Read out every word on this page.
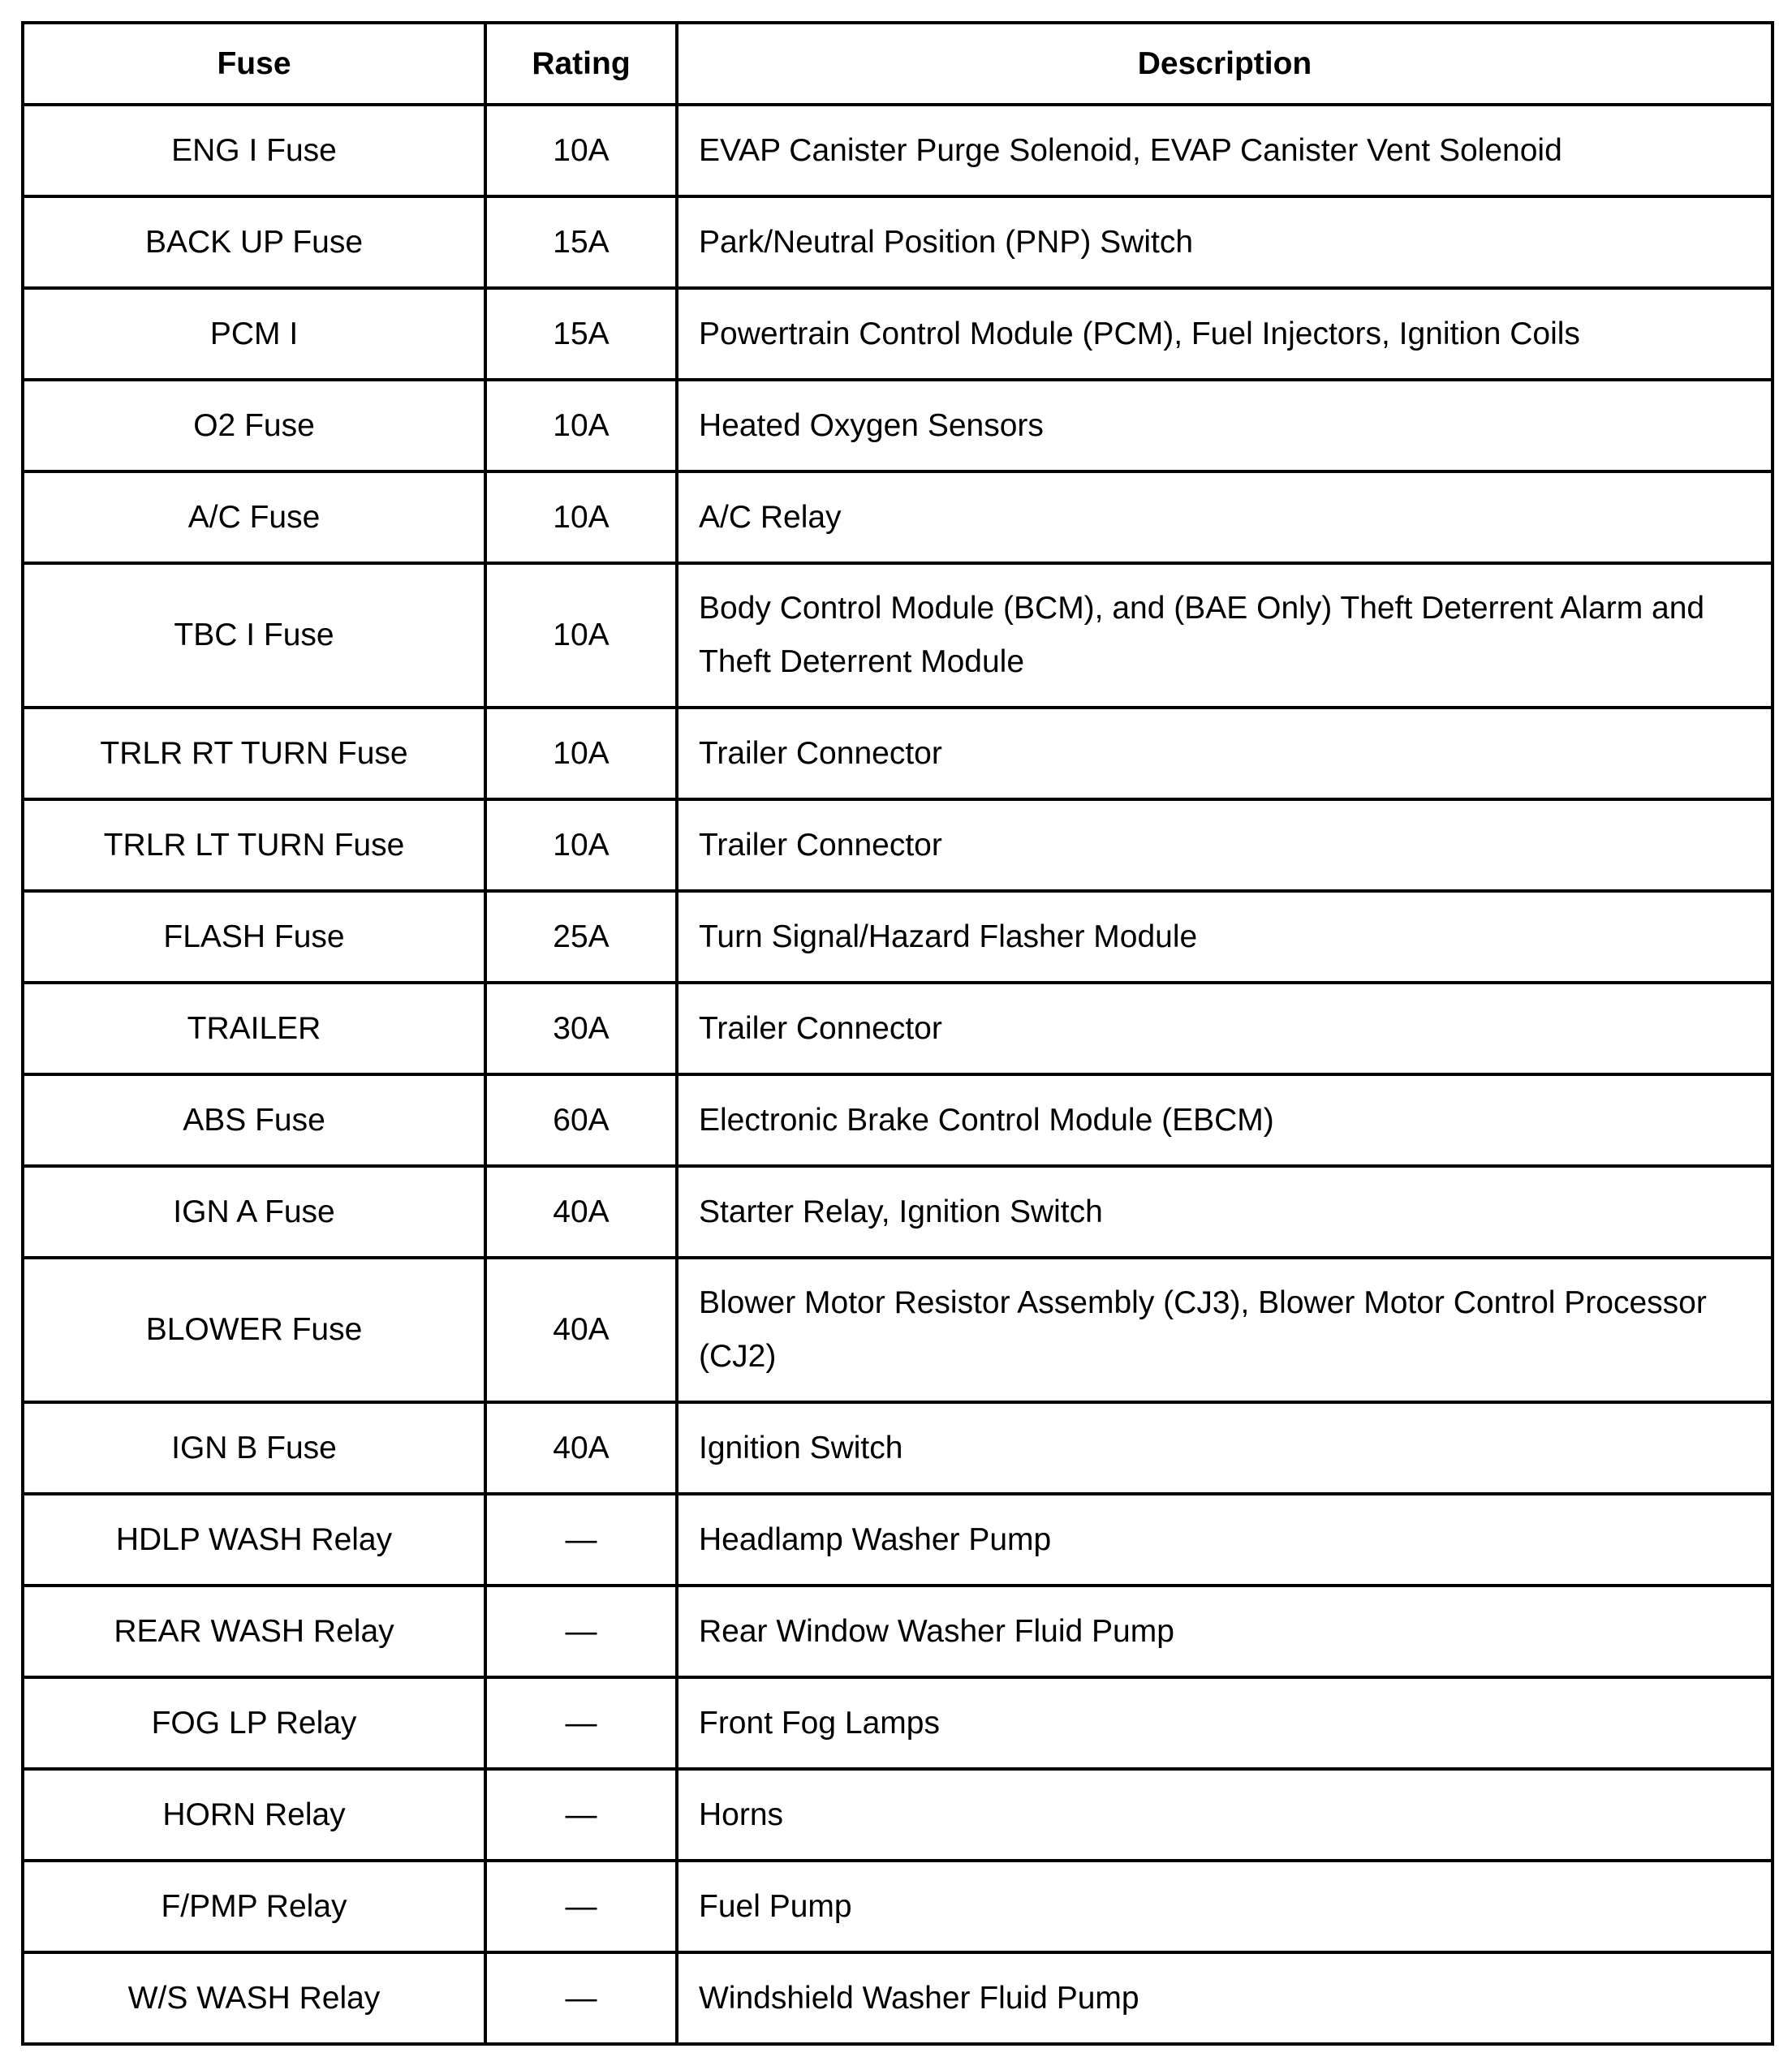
Fuse	Rating	Description
ENG I Fuse	10A	EVAP Canister Purge Solenoid, EVAP Canister Vent Solenoid
BACK UP Fuse	15A	Park/Neutral Position (PNP) Switch
PCM I	15A	Powertrain Control Module (PCM), Fuel Injectors, Ignition Coils
O2 Fuse	10A	Heated Oxygen Sensors
A/C Fuse	10A	A/C Relay
TBC I Fuse	10A	Body Control Module (BCM), and (BAE Only) Theft Deterrent Alarm and Theft Deterrent Module
TRLR RT TURN Fuse	10A	Trailer Connector
TRLR LT TURN Fuse	10A	Trailer Connector
FLASH Fuse	25A	Turn Signal/Hazard Flasher Module
TRAILER	30A	Trailer Connector
ABS Fuse	60A	Electronic Brake Control Module (EBCM)
IGN A Fuse	40A	Starter Relay, Ignition Switch
BLOWER Fuse	40A	Blower Motor Resistor Assembly (CJ3), Blower Motor Control Processor (CJ2)
IGN B Fuse	40A	Ignition Switch
HDLP WASH Relay	—	Headlamp Washer Pump
REAR WASH Relay	—	Rear Window Washer Fluid Pump
FOG LP Relay	—	Front Fog Lamps
HORN Relay	—	Horns
F/PMP Relay	—	Fuel Pump
W/S WASH Relay	—	Windshield Washer Fluid Pump
